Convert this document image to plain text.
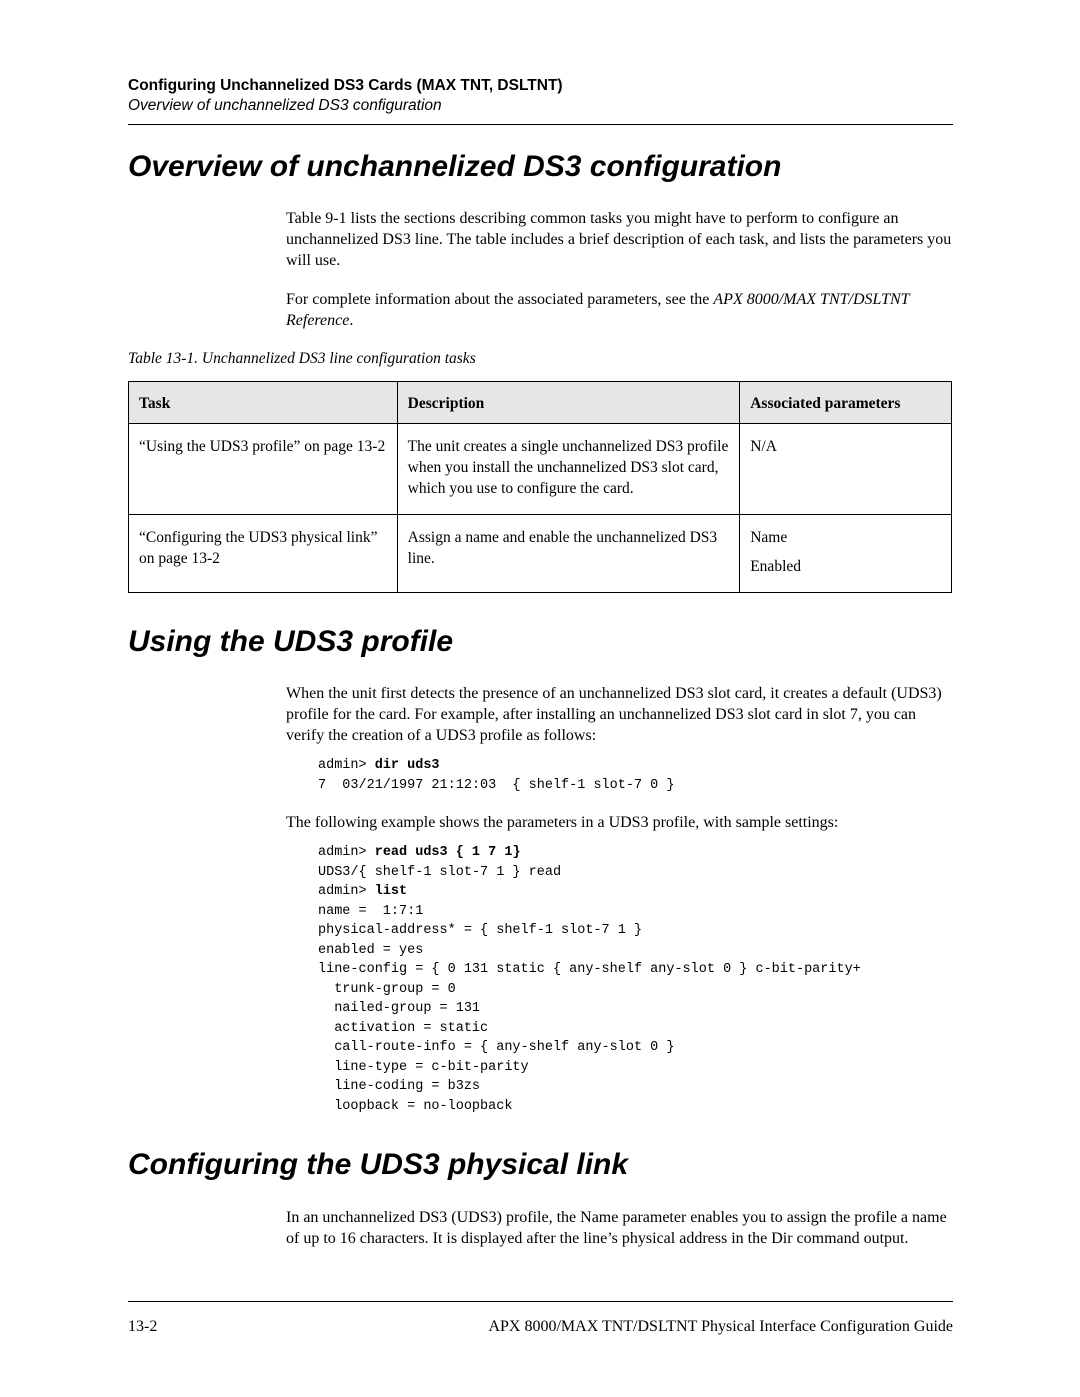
Configuring Unchannelized DS3 Cards (MAX TNT, DSLTNT)
Overview of unchannelized DS3 configuration
Overview of unchannelized DS3 configuration

Table 9-1 lists the sections describing common tasks you might have to perform to configure an unchannelized DS3 line. The table includes a brief description of each task, and lists the parameters you will use.

For complete information about the associated parameters, see the APX 8000/MAX TNT/DSLTNT Reference.

Table 13-1. Unchannelized DS3 line configuration tasks
Task	Description	Associated parameters
“Using the UDS3 profile” on page 13-2	The unit creates a single unchannelized DS3 profile when you install the unchannelized DS3 slot card, which you use to configure the card.	N/A

“Configuring the UDS3 physical link” on page 13-2	Assign a name and enable the unchannelized DS3 line.	Name
Enabled
Using the UDS3 profile

When the unit first detects the presence of an unchannelized DS3 slot card, it creates a default (UDS3) profile for the card. For example, after installing an unchannelized DS3 slot card in slot 7, you can verify the creation of a UDS3 profile as follows:

admin> dir uds3
7  03/21/1997 21:12:03  { shelf-1 slot-7 0 }

The following example shows the parameters in a UDS3 profile, with sample settings:

admin> read uds3 { 1 7 1}
UDS3/{ shelf-1 slot-7 1 } read
admin> list
name =  1:7:1
physical-address* = { shelf-1 slot-7 1 }
enabled = yes
line-config = { 0 131 static { any-shelf any-slot 0 } c-bit-parity+
trunk-group = 0
nailed-group = 131
activation = static
call-route-info = { any-shelf any-slot 0 }
line-type = c-bit-parity
line-coding = b3zs
loopback = no-loopback
Configuring the UDS3 physical link

In an unchannelized DS3 (UDS3) profile, the Name parameter enables you to assign the profile a name of up to 16 characters. It is displayed after the line’s physical address in the Dir command output.

13-2	APX 8000/MAX TNT/DSLTNT Physical Interface Configuration Guide
